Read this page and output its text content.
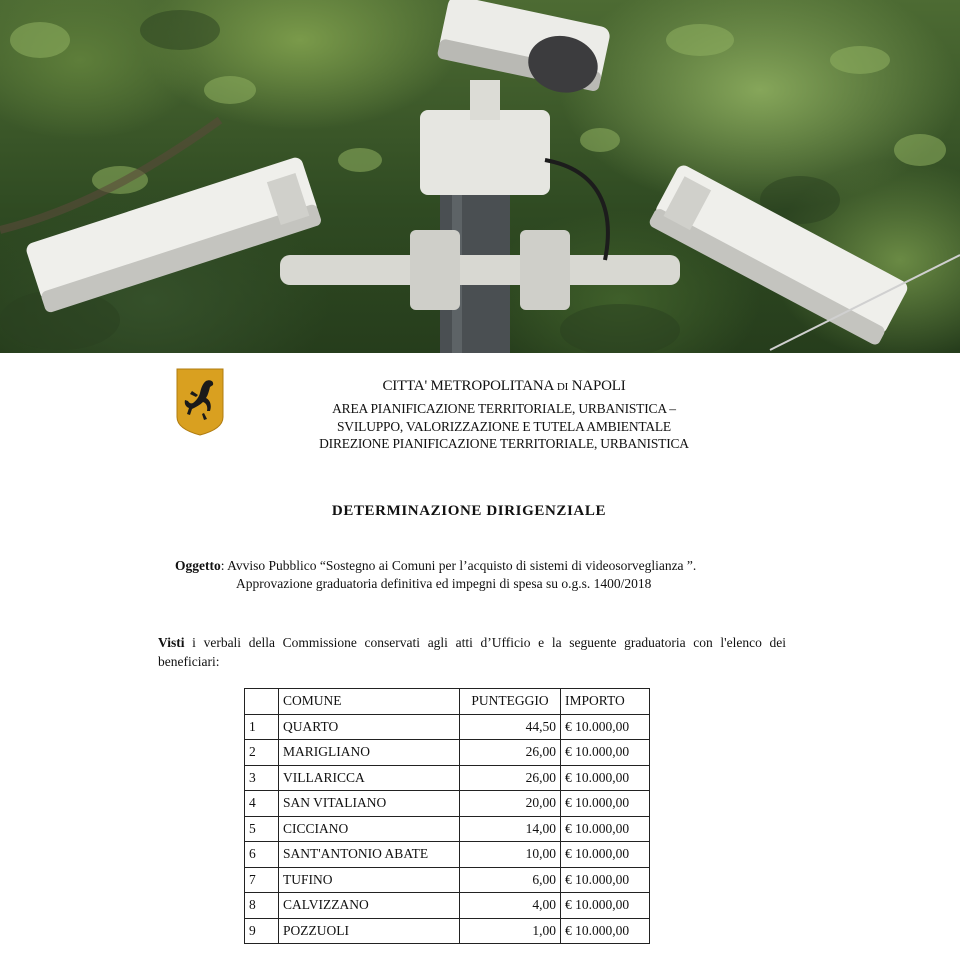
CITTA' METROPOLITANA DI NAPOLI
AREA PIANIFICAZIONE TERRITORIALE, URBANISTICA –
SVILUPPO, VALORIZZAZIONE E TUTELA AMBIENTALE
DIREZIONE PIANIFICAZIONE TERRITORIALE, URBANISTICA
DETERMINAZIONE DIRIGENZIALE
Oggetto: Avviso Pubblico “Sostegno ai Comuni per l’acquisto di sistemi di videosorveglianza ”.
Approvazione graduatoria definitiva ed impegni di spesa su o.g.s. 1400/2018
Visti i verbali della Commissione conservati agli atti d’Ufficio e la seguente graduatoria con l'elenco dei beneficiari:
	COMUNE	PUNTEGGIO	IMPORTO
1	QUARTO	44,50	€ 10.000,00
2	MARIGLIANO	26,00	€ 10.000,00
3	VILLARICCA	26,00	€ 10.000,00
4	SAN VITALIANO	20,00	€ 10.000,00
5	CICCIANO	14,00	€ 10.000,00
6	SANT'ANTONIO ABATE	10,00	€ 10.000,00
7	TUFINO	6,00	€ 10.000,00
8	CALVIZZANO	4,00	€ 10.000,00
9	POZZUOLI	1,00	€ 10.000,00
